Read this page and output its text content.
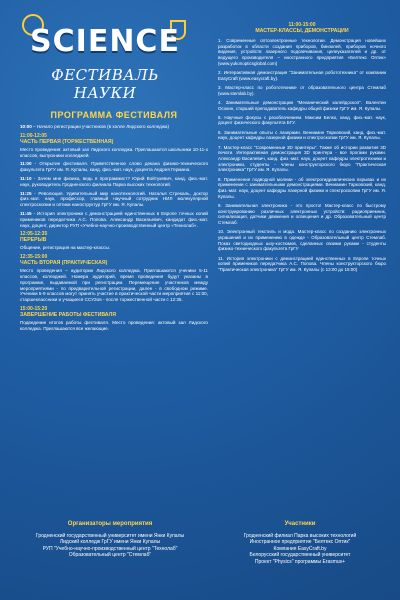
SCIENCE
ФЕСТИВАЛЬ НАУКИ
ПРОГРАММА ФЕСТИВАЛЯ
10:00 – Начало регистрации участников (в холле Лидского колледжа)
11:00-12:05
ЧАСТЬ ПЕРВАЯ (ТОРЖЕСТВЕННАЯ)
Место проведения: актовый зал Лидского колледжа. Приглашаются школьники 10-11-х классов, выпускники колледжей.
11:00 - Открытие фестиваля. Приветственное слово декана физико-технического факультета ГрГУ им. Я. Купалы, канд. физ.-мат. наук, доцента Андрея Германа.
11:10 - Зачем мне физика, ведь я программист? Юрий Войтукевич, канд. физ.-мат. наук, руководитель Гродненского филиала Парка высоких технологий.
11:25 - Революция. Удивительный мир нанотехнологий. Наталья Стрекаль, доктор физ.-мат. наук, профессор, главный научный сотрудник НИЛ молекулярной спектроскопии и оптики наноструктур ГрГУ им. Я. Купалы.
11:45 - История электроники с демонстрацией единственных в Европе точных копий примеников передатчика А.С. Попова. Александр Васильевич, кандидат физ.-мат. наук, доцент, директор РУП «Учебно-научно-производственный центр «Технолаб».
12:05-12:35
ПЕРЕРЫВ
Общение, регистрация на мастер-классы.
12:35-15:00
ЧАСТЬ ВТОРАЯ (ПРАКТИЧЕСКАЯ)
Место проведения – аудитории Лидского колледжа. Приглашаются ученики 5-11 классов, колледжей. Номера аудиторий, время проведения будут указаны в программе, выдаваемой при регистрации. Перемещение участников между мероприятиями - по предварительной регистрации, далее - в свободном режиме. Ученики 5-9 классов могут принять участие в практической части мероприятия с 11:00, старшеклассники и учащиеся ССУЗов - после торжественной части с 12:35.
15:00-15:20
ЗАВЕРШЕНИЕ РАБОТЫ ФЕСТИВАЛЯ
Подведение итогов работы фестиваля. Место проведения: актовый зал Лидского колледжа. Приглашаются все желающие.
11:00-15:00
МАСТЕР-КЛАССЫ, ДЕМОНСТРАЦИИ
1. Современные оптоэлектронные технологии. Демонстрация новейших разработок в области создания приборов, биноклей, приборов ночного видения, устройств лазерного подсвечивания, целеуказателей и др. от ведущего производителя – иностранного предприятия «Белтекс Оптик» (www.yukonopticsglobal.com)
2. Интерактивная демонстрация "Занимательная робототехника" от компании EasyCraft (www.easycraft.by).
3. Мастер-класс по робототехнике от образовательного центра Стемлаб (www.stemlab.by).
4. Занимательные демонстрации "Механический калейдоскоп". Валентин Осокин, старший преподаватель кафедры общей физики ГрГУ им. Я. Купалы.
5. Научные фокусы с разоблачением. Максим Белко, канд. физ.-мат. наук, доцент физического факультета БГУ.
6. Занимательные опыты с лазерами. Вениамин Тарковский, канд. физ.-мат. наук, доцент кафедры лазерной физики и спектроскопии ГрГУ им. Я. Купалы.
7. Мастер-класс "Современные 3D принтеры". Также об истории развития 3D печати. Интерактивная демонстрация 3D принтера - все прогами руками. Александр Василевич, канд. физ.-мат. наук, доцент кафедры электротехники и электроники, студенты - члены конструкторского бюро "Практическая электроника" ГрГУ им. Я. Купалы.
8. Применение подводной молнии - об электрогидравлических взрывах и их применении с занимательными демонстрациями. Вениамин Тарковский, канд. физ.-мат. наук, доцент кафедры лазерной физики и спектроскопии ГрГУ им. Я. Купалы.
9. Занимательная электроника - это просто! Мастер-класс по быстрому конструированию различных электронных устройств: радиоприемник, сигнализация, датчики движения и освещения и др. Образовательный центр Стемлаб.
10. Электронный текстиль и мода. Мастер-класс по созданию электронных украшений и их применению в одежде - Образовательный центр Стемлаб. Показ светодиодных шоу-костюмов, сделанных своими руками - студенты физико-технического факультета ГрГУ
11. История электроники с демонстрацией единственных в Европе точных копий примеников передатчика А.С. Попова. Члены конструкторского бюро "Практическая электроника" ГрГУ им. Я. Купалы (с 13:00 до 15:00)
Организаторы мероприятия
Гродненский государственный университет имени Янки Купалы
Лидский колледж ГрГУ имени Янки Купалы
РУП "Учебно-научно-производственный центр "Технолаб"
Образовательный центр "Стемлаб"
Участники
Гродненский филиал Парка высоких технологий
Иностранное предприятие "Белтекс Оптик"
Компания EasyCraft.by
Белорусский государственный университет
Проект "Physics" программы Erasmus+
